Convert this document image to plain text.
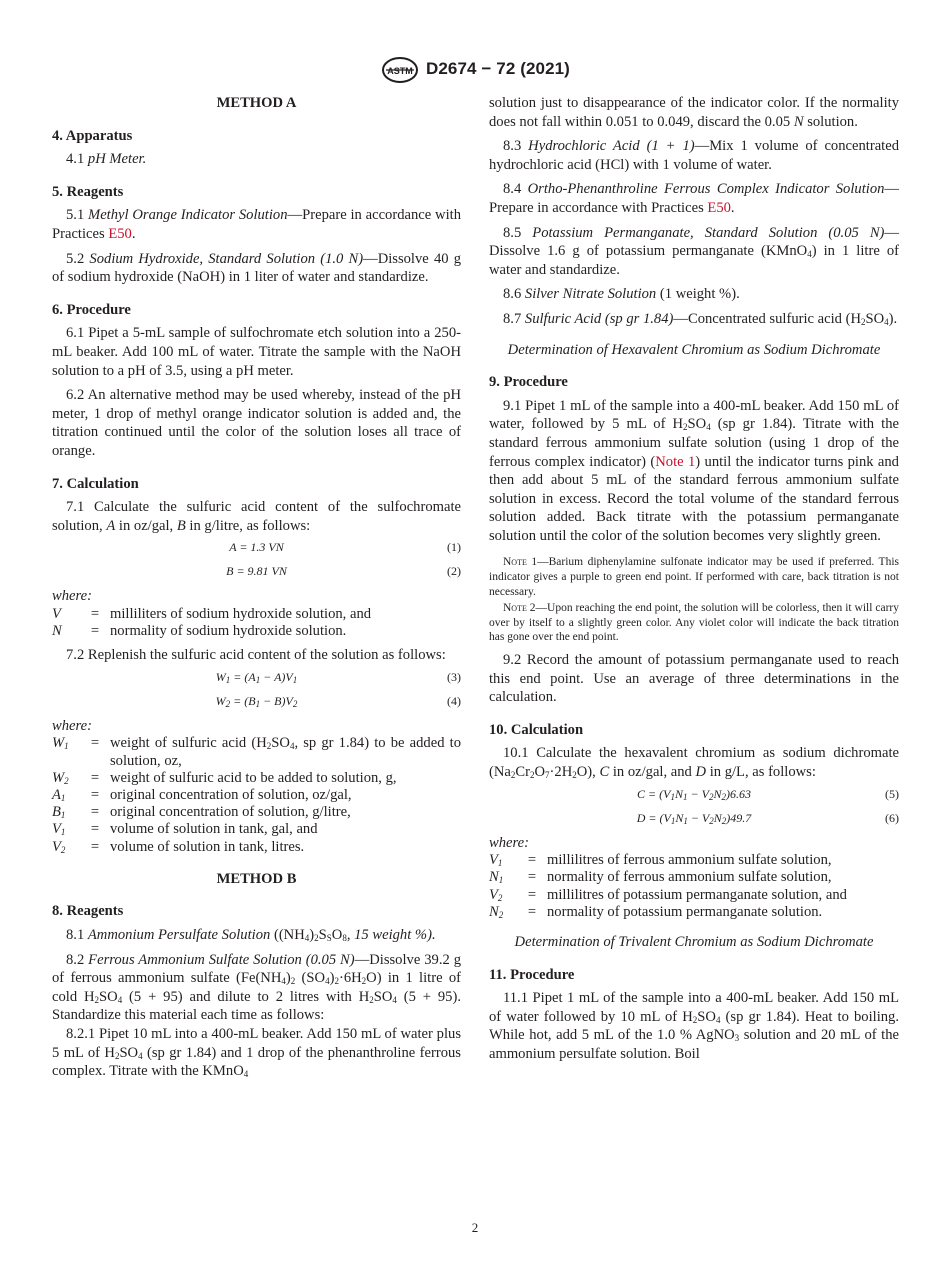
ASTM D2674 − 72 (2021)

METHOD A

4. Apparatus

4.1 pH Meter.

5. Reagents

5.1 Methyl Orange Indicator Solution—Prepare in accordance with Practices E50.

5.2 Sodium Hydroxide, Standard Solution (1.0 N)—Dissolve 40 g of sodium hydroxide (NaOH) in 1 liter of water and standardize.

6. Procedure

6.1 Pipet a 5-mL sample of sulfochromate etch solution into a 250-mL beaker. Add 100 mL of water. Titrate the sample with the NaOH solution to a pH of 3.5, using a pH meter.

6.2 An alternative method may be used whereby, instead of the pH meter, 1 drop of methyl orange indicator solution is added and, the titration continued until the color of the solution loses all trace of orange.

7. Calculation

7.1 Calculate the sulfuric acid content of the sulfochromate solution, A in oz/gal, B in g/litre, as follows:

A = 1.3 VN	(1)
B = 9.81 VN	(2)

where:

V	=	milliliters of sodium hydroxide solution, and
N	=	normality of sodium hydroxide solution.

7.2 Replenish the sulfuric acid content of the solution as follows:

$W_1 = (A_1 - A)V_1$	(3)
$W_2 = (B_1 - B)V_2$	(4)

where:

$W_1$	=	weight of sulfuric acid ($H_2SO_4$, sp gr 1.84) to be added to solution, oz,
$W_2$	=	weight of sulfuric acid to be added to solution, g,
$A_1$	=	original concentration of solution, oz/gal,
$B_1$	=	original concentration of solution, g/litre,
$V_1$	=	volume of solution in tank, gal, and
$V_2$	=	volume of solution in tank, litres.

METHOD B

8. Reagents

8.1 Ammonium Persulfate Solution ($(NH_4)_2S_SO_8$, 15 weight %).

8.2 Ferrous Ammonium Sulfate Solution (0.05 N)—Dissolve 39.2 g of ferrous ammonium sulfate ($Fe(NH_4)_2$ $(SO_4)_2\cdot 6H_2O$) in 1 litre of cold $H_2SO_4$ (5 + 95) and dilute to 2 litres with $H_2SO_4$ (5 + 95). Standardize this material each time as follows:

8.2.1 Pipet 10 mL into a 400-mL beaker. Add 150 mL of water plus 5 mL of $H_2SO_4$ (sp gr 1.84) and 1 drop of the phenanthroline ferrous complex. Titrate with the KMnO$_4$

solution just to disappearance of the indicator color. If the normality does not fall within 0.051 to 0.049, discard the 0.05 N solution.

8.3 Hydrochloric Acid (1 + 1)—Mix 1 volume of concentrated hydrochloric acid (HCl) with 1 volume of water.

8.4 Ortho-Phenanthroline Ferrous Complex Indicator Solution—Prepare in accordance with Practices E50.

8.5 Potassium Permanganate, Standard Solution (0.05 N)—Dissolve 1.6 g of potassium permanganate (KMnO$_4$) in 1 litre of water and standardize.

8.6 Silver Nitrate Solution (1 weight %).

8.7 Sulfuric Acid (sp gr 1.84)—Concentrated sulfuric acid $(H_2SO_4)$.

Determination of Hexavalent Chromium as Sodium Dichromate

9. Procedure

9.1 Pipet 1 mL of the sample into a 400-mL beaker. Add 150 mL of water, followed by 5 mL of $H_2SO_4$ (sp gr 1.84). Titrate with the standard ferrous ammonium sulfate solution (using 1 drop of the ferrous complex indicator) (Note 1) until the indicator turns pink and then add about 5 mL of the standard ferrous ammonium sulfate solution in excess. Record the total volume of the standard ferrous solution added. Back titrate with the potassium permanganate solution until the color of the solution becomes very slightly green.

Note 1—Barium diphenylamine sulfonate indicator may be used if preferred. This indicator gives a purple to green end point. If performed with care, back titration is not necessary.

Note 2—Upon reaching the end point, the solution will be colorless, then it will carry over by itself to a slightly green color. Any violet color will indicate the back titration has gone over the end point.

9.2 Record the amount of potassium permanganate used to reach this end point. Use an average of three determinations in the calculation.

10. Calculation

10.1 Calculate the hexavalent chromium as sodium dichromate $(Na_2Cr_2O_7\cdot 2H_2O)$, C in oz/gal, and D in g/L, as follows:

$C = (V_1N_1 - V_2N_2)6.63$	(5)
$D = (V_1N_1 - V_2N_2)49.7$	(6)

where:

$V_1$	=	millilitres of ferrous ammonium sulfate solution,
$N_1$	=	normality of ferrous ammonium sulfate solution,
$V_2$	=	millilitres of potassium permanganate solution, and
$N_2$	=	normality of potassium permanganate solution.

Determination of Trivalent Chromium as Sodium Dichromate

11. Procedure

11.1 Pipet 1 mL of the sample into a 400-mL beaker. Add 150 mL of water followed by 10 mL of $H_2SO_4$ (sp gr 1.84). Heat to boiling. While hot, add 5 mL of the 1.0 % AgNO$_3$ solution and 20 mL of the ammonium persulfate solution. Boil

2
